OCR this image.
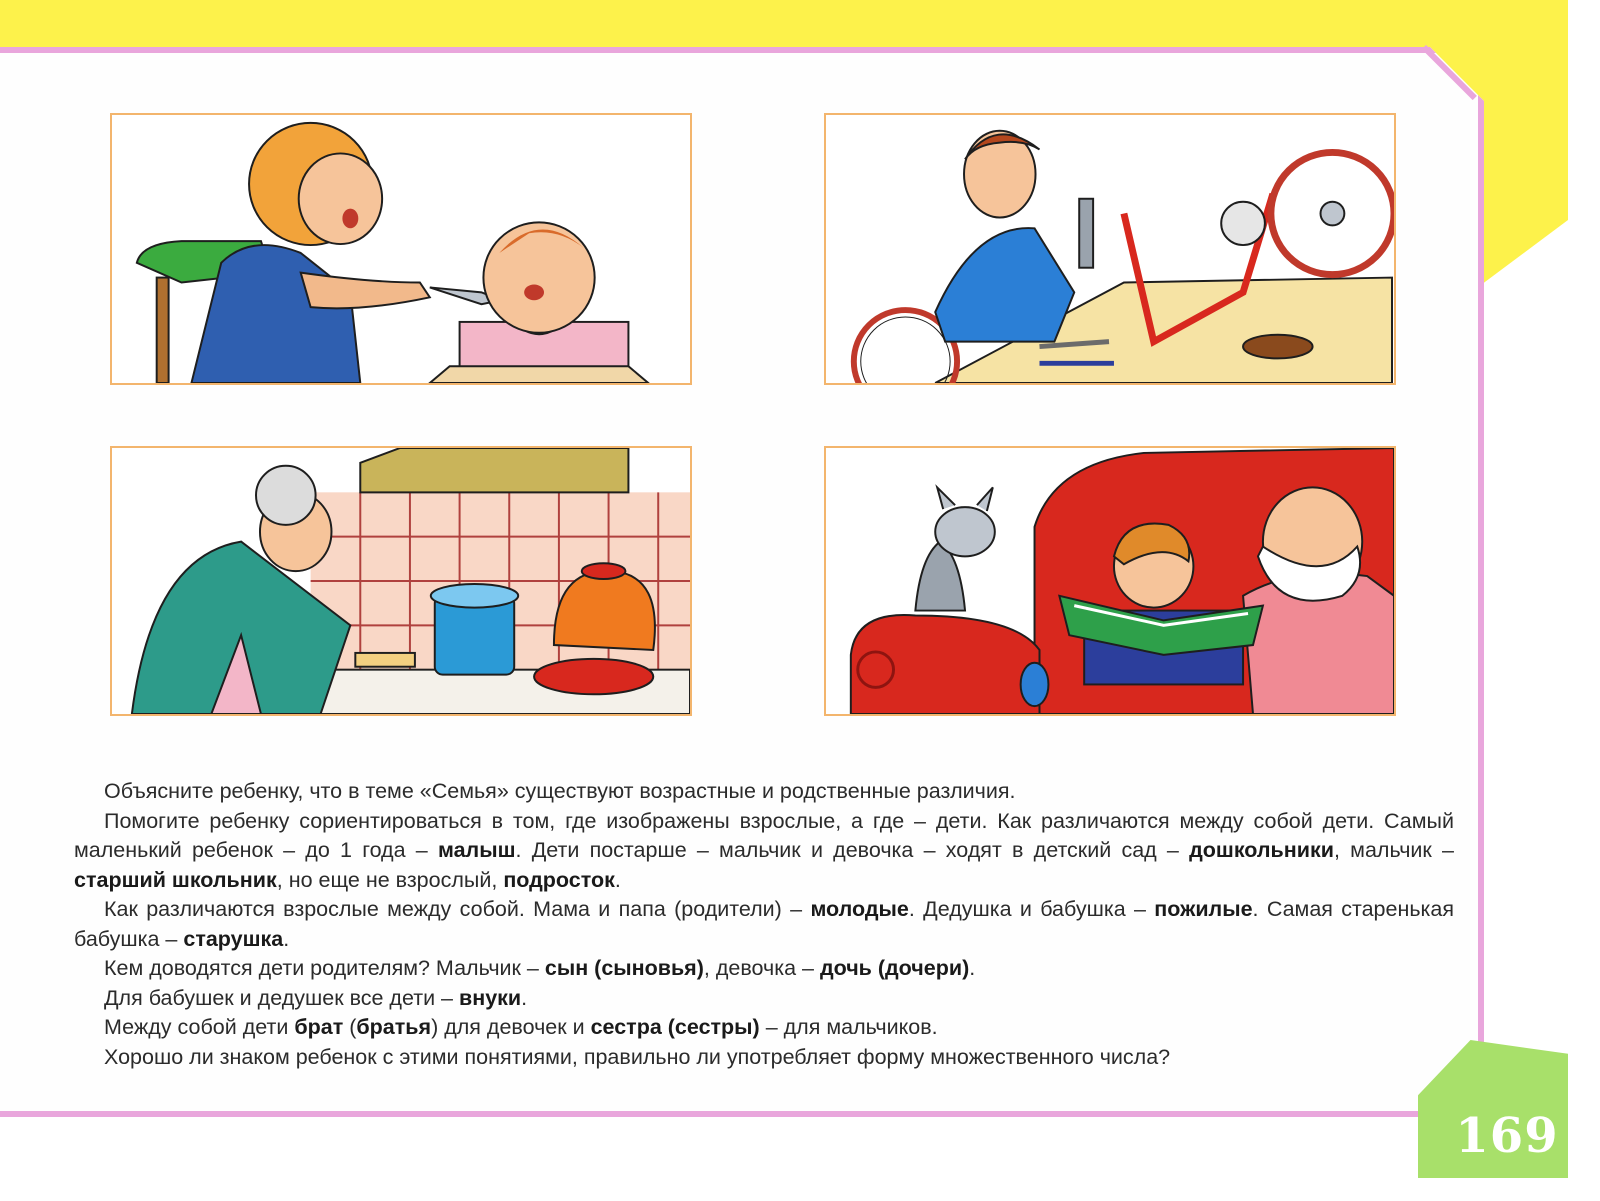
Объясните ребенку, что в теме «Семья» существуют возрастные и родственные различия.

Помогите ребенку сориентироваться в том, где изображены взрослые, а где – дети. Как различаются между собой дети. Самый маленький ребенок – до 1 года – малыш. Дети постарше – мальчик и девочка – ходят в детский сад – дошкольники, мальчик – старший школьник, но еще не взрослый, подросток.

Как различаются взрослые между собой. Мама и папа (родители) – молодые. Дедушка и бабушка – пожилые. Самая старенькая бабушка – старушка.

Кем доводятся дети родителям? Мальчик – сын (сыновья), девочка – дочь (дочери).

Для бабушек и дедушек все дети – внуки.

Между собой дети брат (братья) для девочек и сестра (сестры) – для мальчиков.

Хорошо ли знаком ребенок с этими понятиями, правильно ли употребляет форму множественного числа?

169
